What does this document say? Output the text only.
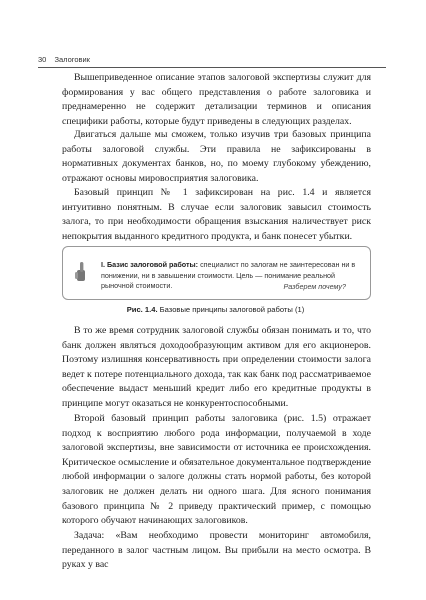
30 Залоговик

Вышеприведенное описание этапов залоговой экспертизы служит для формирования у вас общего представления о работе залоговика и преднамеренно не содержит детализации терминов и описания специфики работы, которые будут приведены в следующих разделах.

Двигаться дальше мы сможем, только изучив три базовых принципа работы залоговой службы. Эти правила не зафиксированы в нормативных документах банков, но, по моему глубокому убеждению, отражают основы мировосприятия залоговика.

Базовый принцип № 1 зафиксирован на рис. 1.4 и является интуитивно понятным. В случае если залоговик завысил стоимость залога, то при необходимости обращения взыскания наличествует риск непокрытия выданного кредитного продукта, и банк понесет убытки.

I. Базис залоговой работы: специалист по залогам не заинтересован ни в понижении, ни в завышении стоимости. Цель — понимание реальной рыночной стоимости.	Разберем почему?
Рис. 1.4. Базовые принципы залоговой работы (1)

В то же время сотрудник залоговой службы обязан понимать и то, что банк должен являться доходообразующим активом для его акционеров. Поэтому излишняя консервативность при определении стоимости залога ведет к потере потенциального дохода, так как банк под рассматриваемое обеспечение выдаст меньший кредит либо его кредитные продукты в принципе могут оказаться не конкурентоспособными.

Второй базовый принцип работы залоговика (рис. 1.5) отражает подход к восприятию любого рода информации, получаемой в ходе залоговой экспертизы, вне зависимости от источника ее происхождения. Критическое осмысление и обязательное документальное подтверждение любой информации о залоге должны стать нормой работы, без которой залоговик не должен делать ни одного шага. Для ясного понимания базового принципа № 2 приведу практический пример, с помощью которого обучают начинающих залоговиков.

Задача: «Вам необходимо провести мониторинг автомобиля, переданного в залог частным лицом. Вы прибыли на место осмотра. В руках у вас
